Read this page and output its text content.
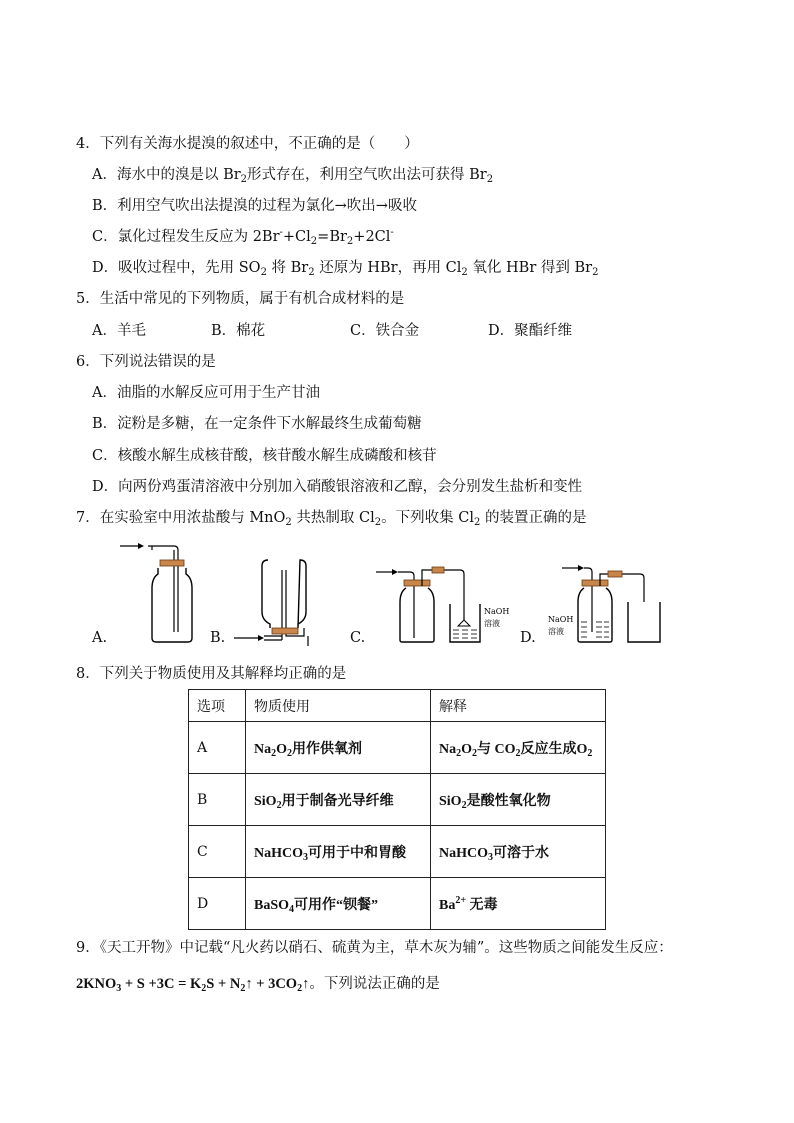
4．下列有关海水提溴的叙述中，不正确的是（　　）
A．海水中的溴是以 $Br_2$形式存在，利用空气吹出法可获得 $Br_2$
B．利用空气吹出法提溴的过程为氯化→吹出→吸收
C．氯化过程发生反应为 $2Br^-+Cl_2=Br_2+2Cl^-$
D．吸收过程中，先用 $SO_2$ 将 $Br_2$ 还原为 HBr，再用 $Cl_2$ 氧化 HBr 得到 $Br_2$
5．生活中常见的下列物质，属于有机合成材料的是
A．羊毛	B．棉花	C．铁合金	D．聚酯纤维
6．下列说法错误的是
A．油脂的水解反应可用于生产甘油
B．淀粉是多糖，在一定条件下水解最终生成葡萄糖
C．核酸水解生成核苷酸，核苷酸水解生成磷酸和核苷
D．向两份鸡蛋清溶液中分别加入硝酸银溶液和乙醇，会分别发生盐析和变性
7．在实验室中用浓盐酸与 MnO$_2$ 共热制取 $Cl_2$。下列收集 $Cl_2$ 的装置正确的是
A.	B.	C.
NaOH
溶液
D.
NaOH
溶液
8．下列关于物质使用及其解释均正确的是
选项	物质使用	解释
A	$Na_2O_2$用作供氧剂	$Na_2O_2$与 $CO_2$反应生成$O_2$
B	SiO$_2$用于制备光导纤维	SiO$_2$是酸性氧化物
C	NaHCO$_3$可用于中和胃酸	NaHCO$_3$可溶于水
D	BaSO$_4$可用作“钡餐”	$Ba^{2+}$ 无毒
9．《天工开物》中记载“凡火药以硝石、硫黄为主，草木灰为辅”。这些物质之间能发生反应：
$2KNO_3 + S +3C = K_2S$ + $N_2↑$ + $3CO_2↑$。下列说法正确的是
